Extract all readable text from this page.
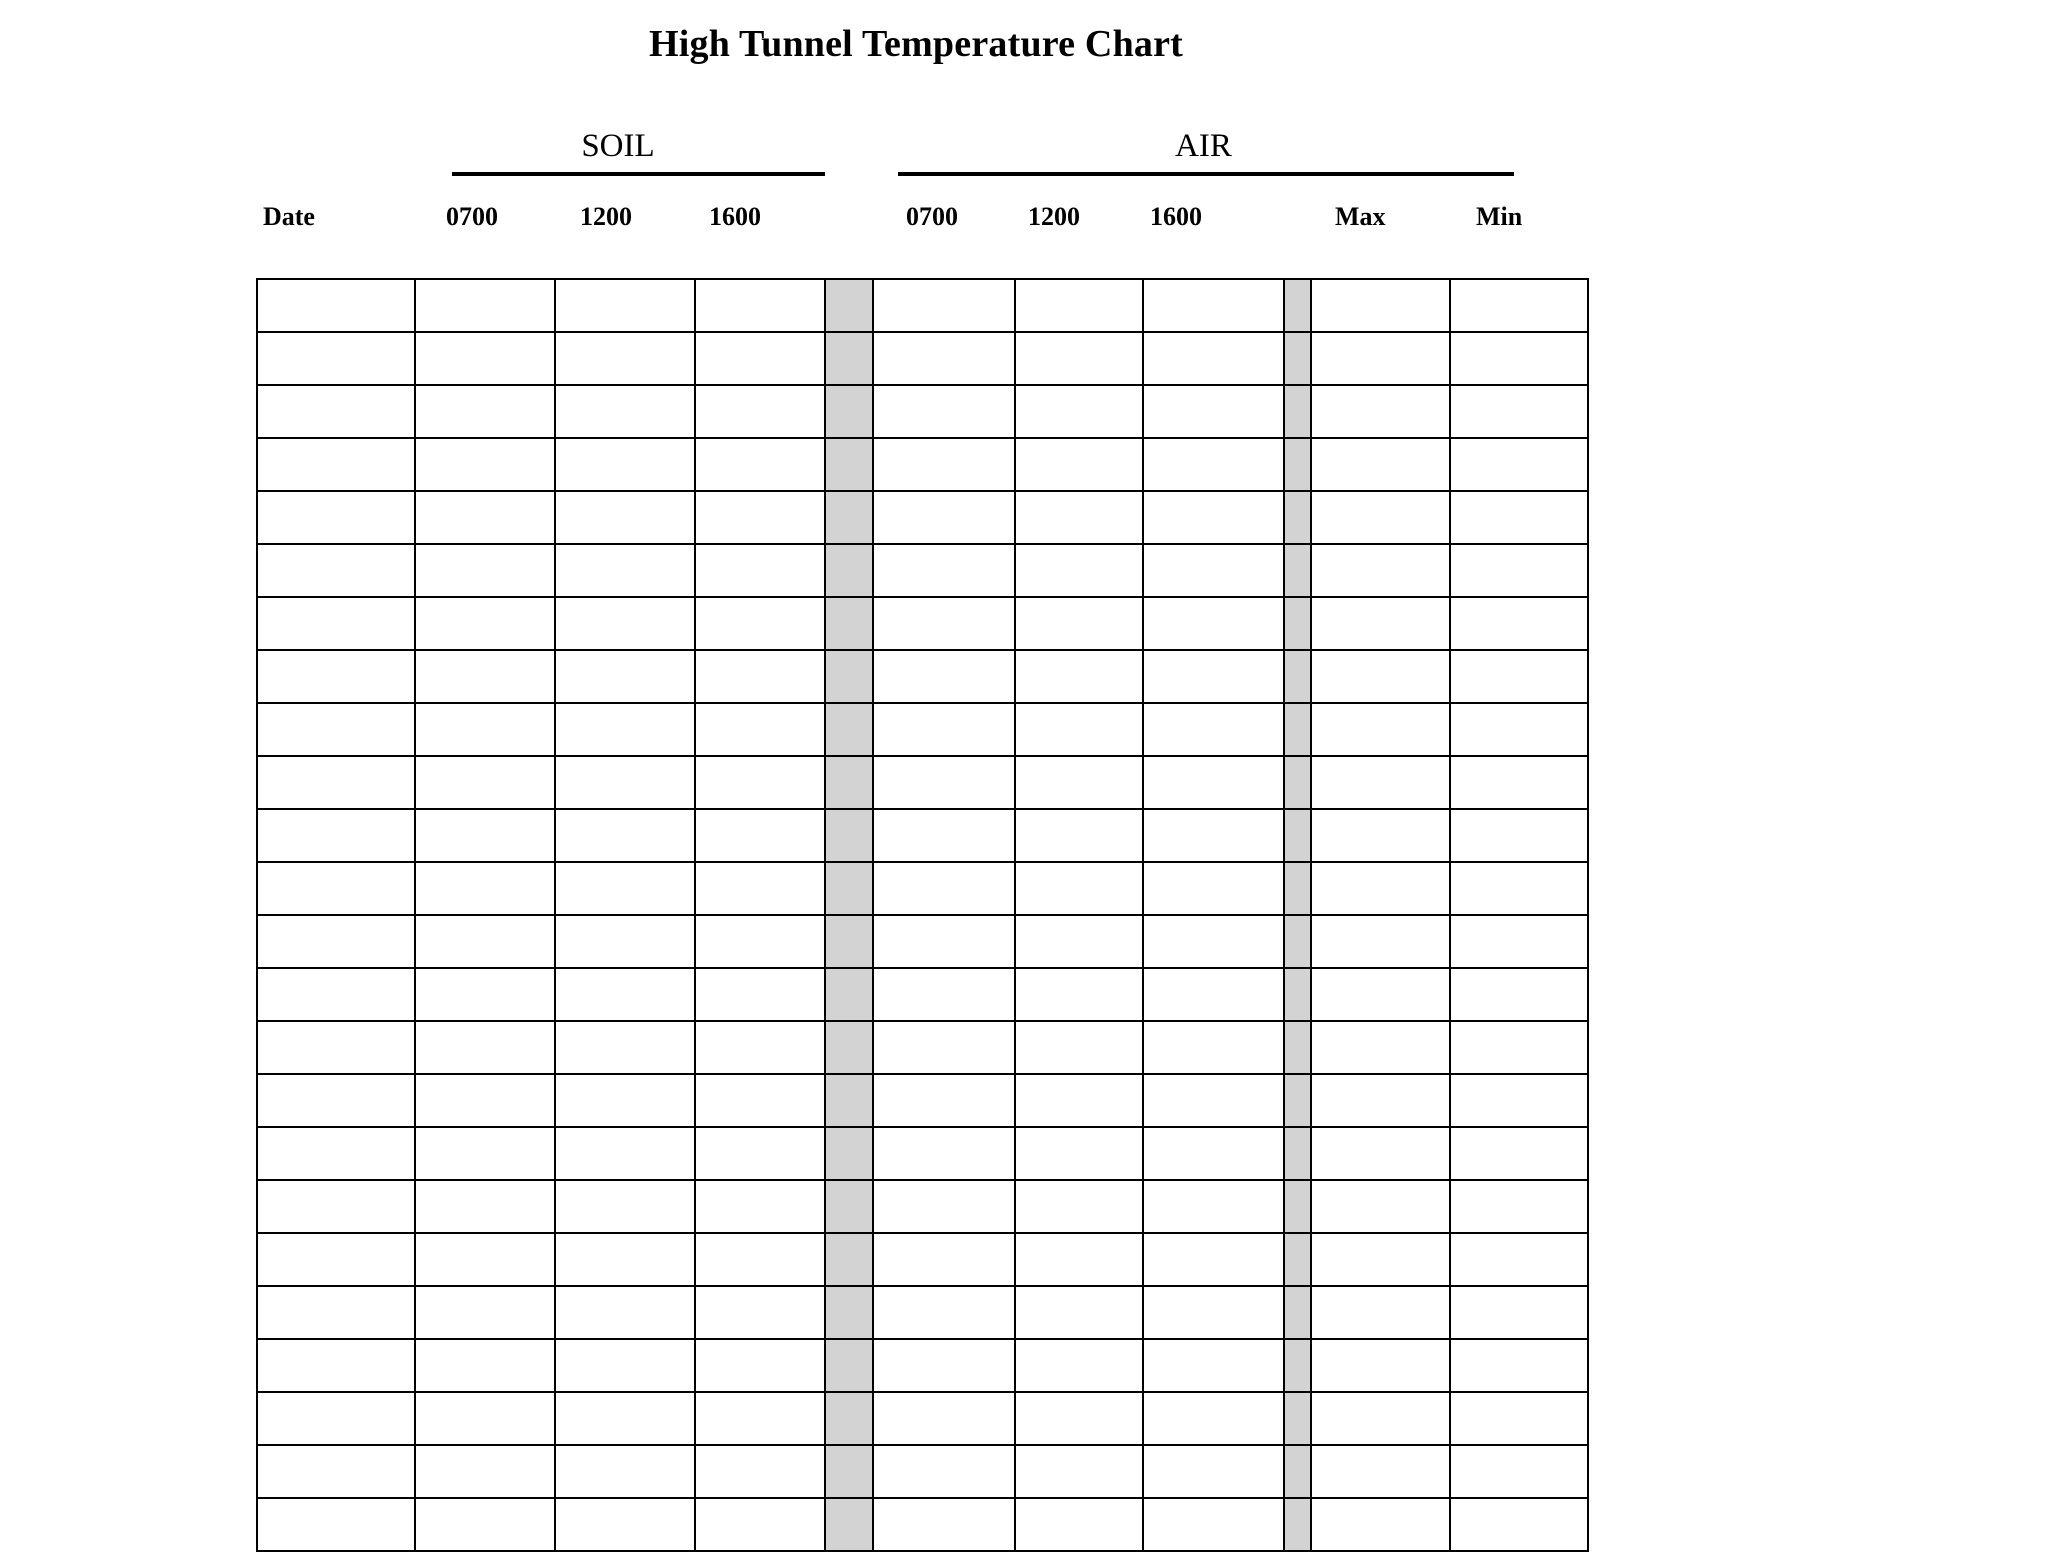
High Tunnel Temperature Chart
SOIL	AIR
Date	0700	1200	1600	0700	1200	1600	Max	Min
